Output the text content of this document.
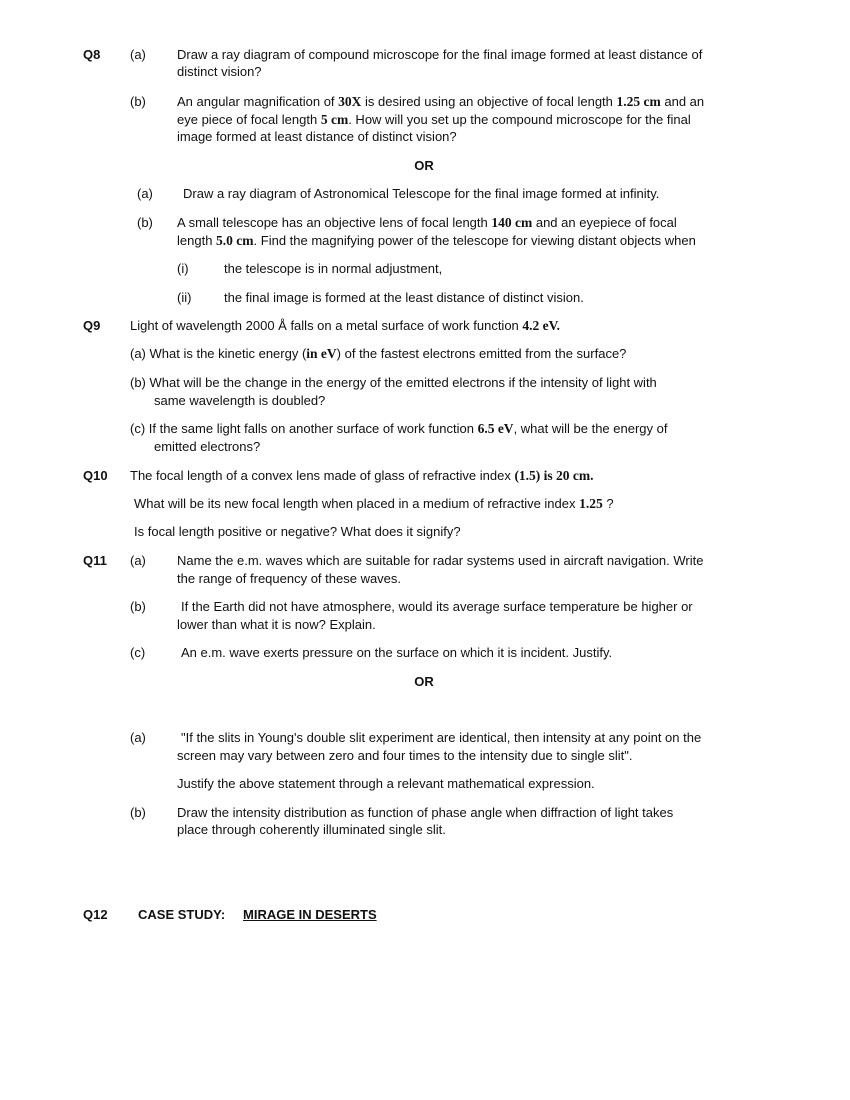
Q8 (a) Draw a ray diagram of compound microscope for the final image formed at least distance of
distinct vision?
(b) An angular magnification of 30X is desired using an objective of focal length 1.25 cm and an
eye piece of focal length 5 cm. How will you set up the compound microscope for the final
image formed at least distance of distinct vision?
OR
(a) Draw a ray diagram of Astronomical Telescope for the final image formed at infinity.
(b) A small telescope has an objective lens of focal length 140 cm and an eyepiece of focal
length 5.0 cm. Find the magnifying power of the telescope for viewing distant objects when
(i)	the telescope is in normal adjustment,
(ii)	the final image is formed at the least distance of distinct vision.
Q9 Light of wavelength 2000 Å falls on a metal surface of work function 4.2 eV.
(a) What is the kinetic energy (in eV) of the fastest electrons emitted from the surface?
(b) What will be the change in the energy of the emitted electrons if the intensity of light with
same wavelength is doubled?
(c) If the same light falls on another surface of work function 6.5 eV, what will be the energy of
emitted electrons?
Q10 The focal length of a convex lens made of glass of refractive index (1.5) is 20 cm.
What will be its new focal length when placed in a medium of refractive index 1.25 ?
Is focal length positive or negative? What does it signify?
Q11 (a) Name the e.m. waves which are suitable for radar systems used in aircraft navigation. Write
the range of frequency of these waves.
(b)	If the Earth did not have atmosphere, would its average surface temperature be higher or
lower than what it is now? Explain.
(c)	An e.m. wave exerts pressure on the surface on which it is incident. Justify.
OR
(a)	"If the slits in Young's double slit experiment are identical, then intensity at any point on the
screen may vary between zero and four times to the intensity due to single slit".
Justify the above statement through a relevant mathematical expression.
(b) Draw the intensity distribution as function of phase angle when diffraction of light takes
place through coherently illuminated single slit.
Q12 CASE STUDY: MIRAGE IN DESERTS
